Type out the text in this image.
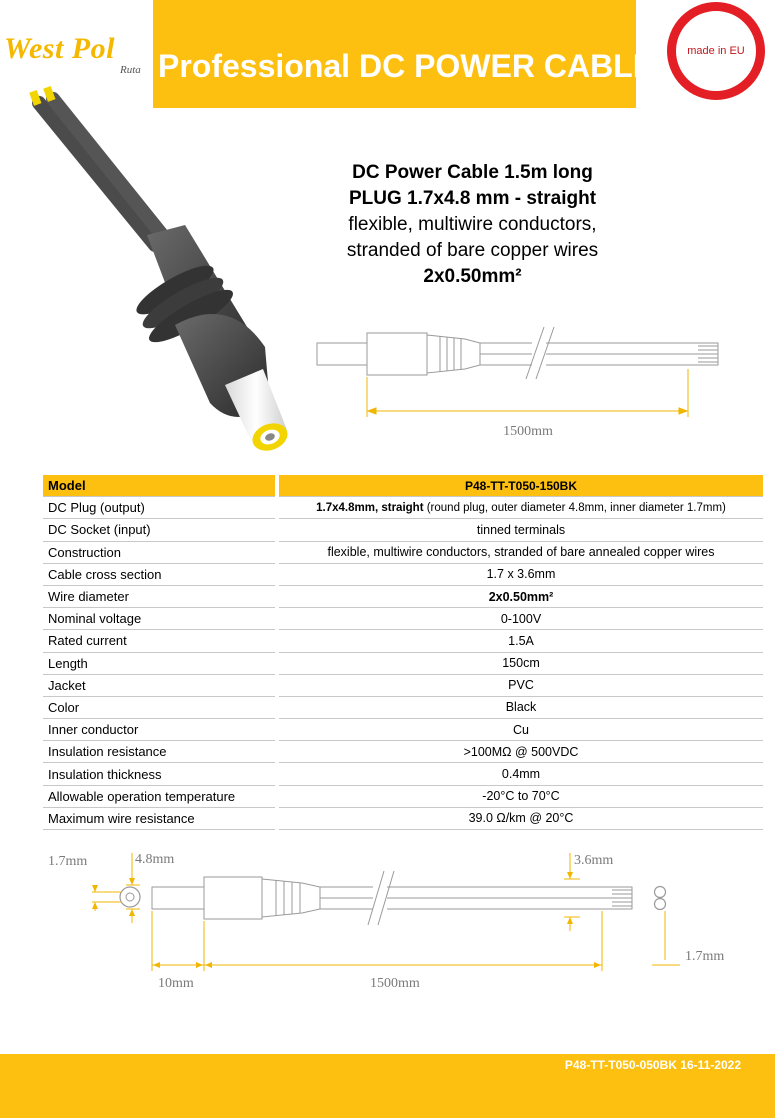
West Pol
Ruta Professional DC POWER CABLE	made in EU
DC Power Cable 1.5m long
PLUG 1.7x4.8 mm - straight
flexible, multiwire conductors,
stranded of bare copper wires
2x0.50mm²
1500mm
Model		P48-TT-T050-150BK
DC Plug (output)		1.7x4.8mm, straight (round plug, outer diameter 4.8mm, inner diameter 1.7mm)
DC Socket (input)		tinned terminals
Construction		flexible, multiwire conductors, stranded of bare annealed copper wires
Cable cross section		1.7 x 3.6mm
Wire diameter		2x0.50mm²
Nominal voltage		0-100V
Rated current		1.5A
Length		150cm
Jacket		PVC
Color		Black
Inner conductor		Cu
Insulation resistance		>100MΩ @ 500VDC
Insulation thickness		0.4mm
Allowable operation temperature		-20°C to 70°C
Maximum wire resistance		39.0 Ω/km @ 20°C
1.7mm	4.8mm	3.6mm
1.7mm
10mm	1500mm
P48-TT-T050-050BK 16-11-2022
